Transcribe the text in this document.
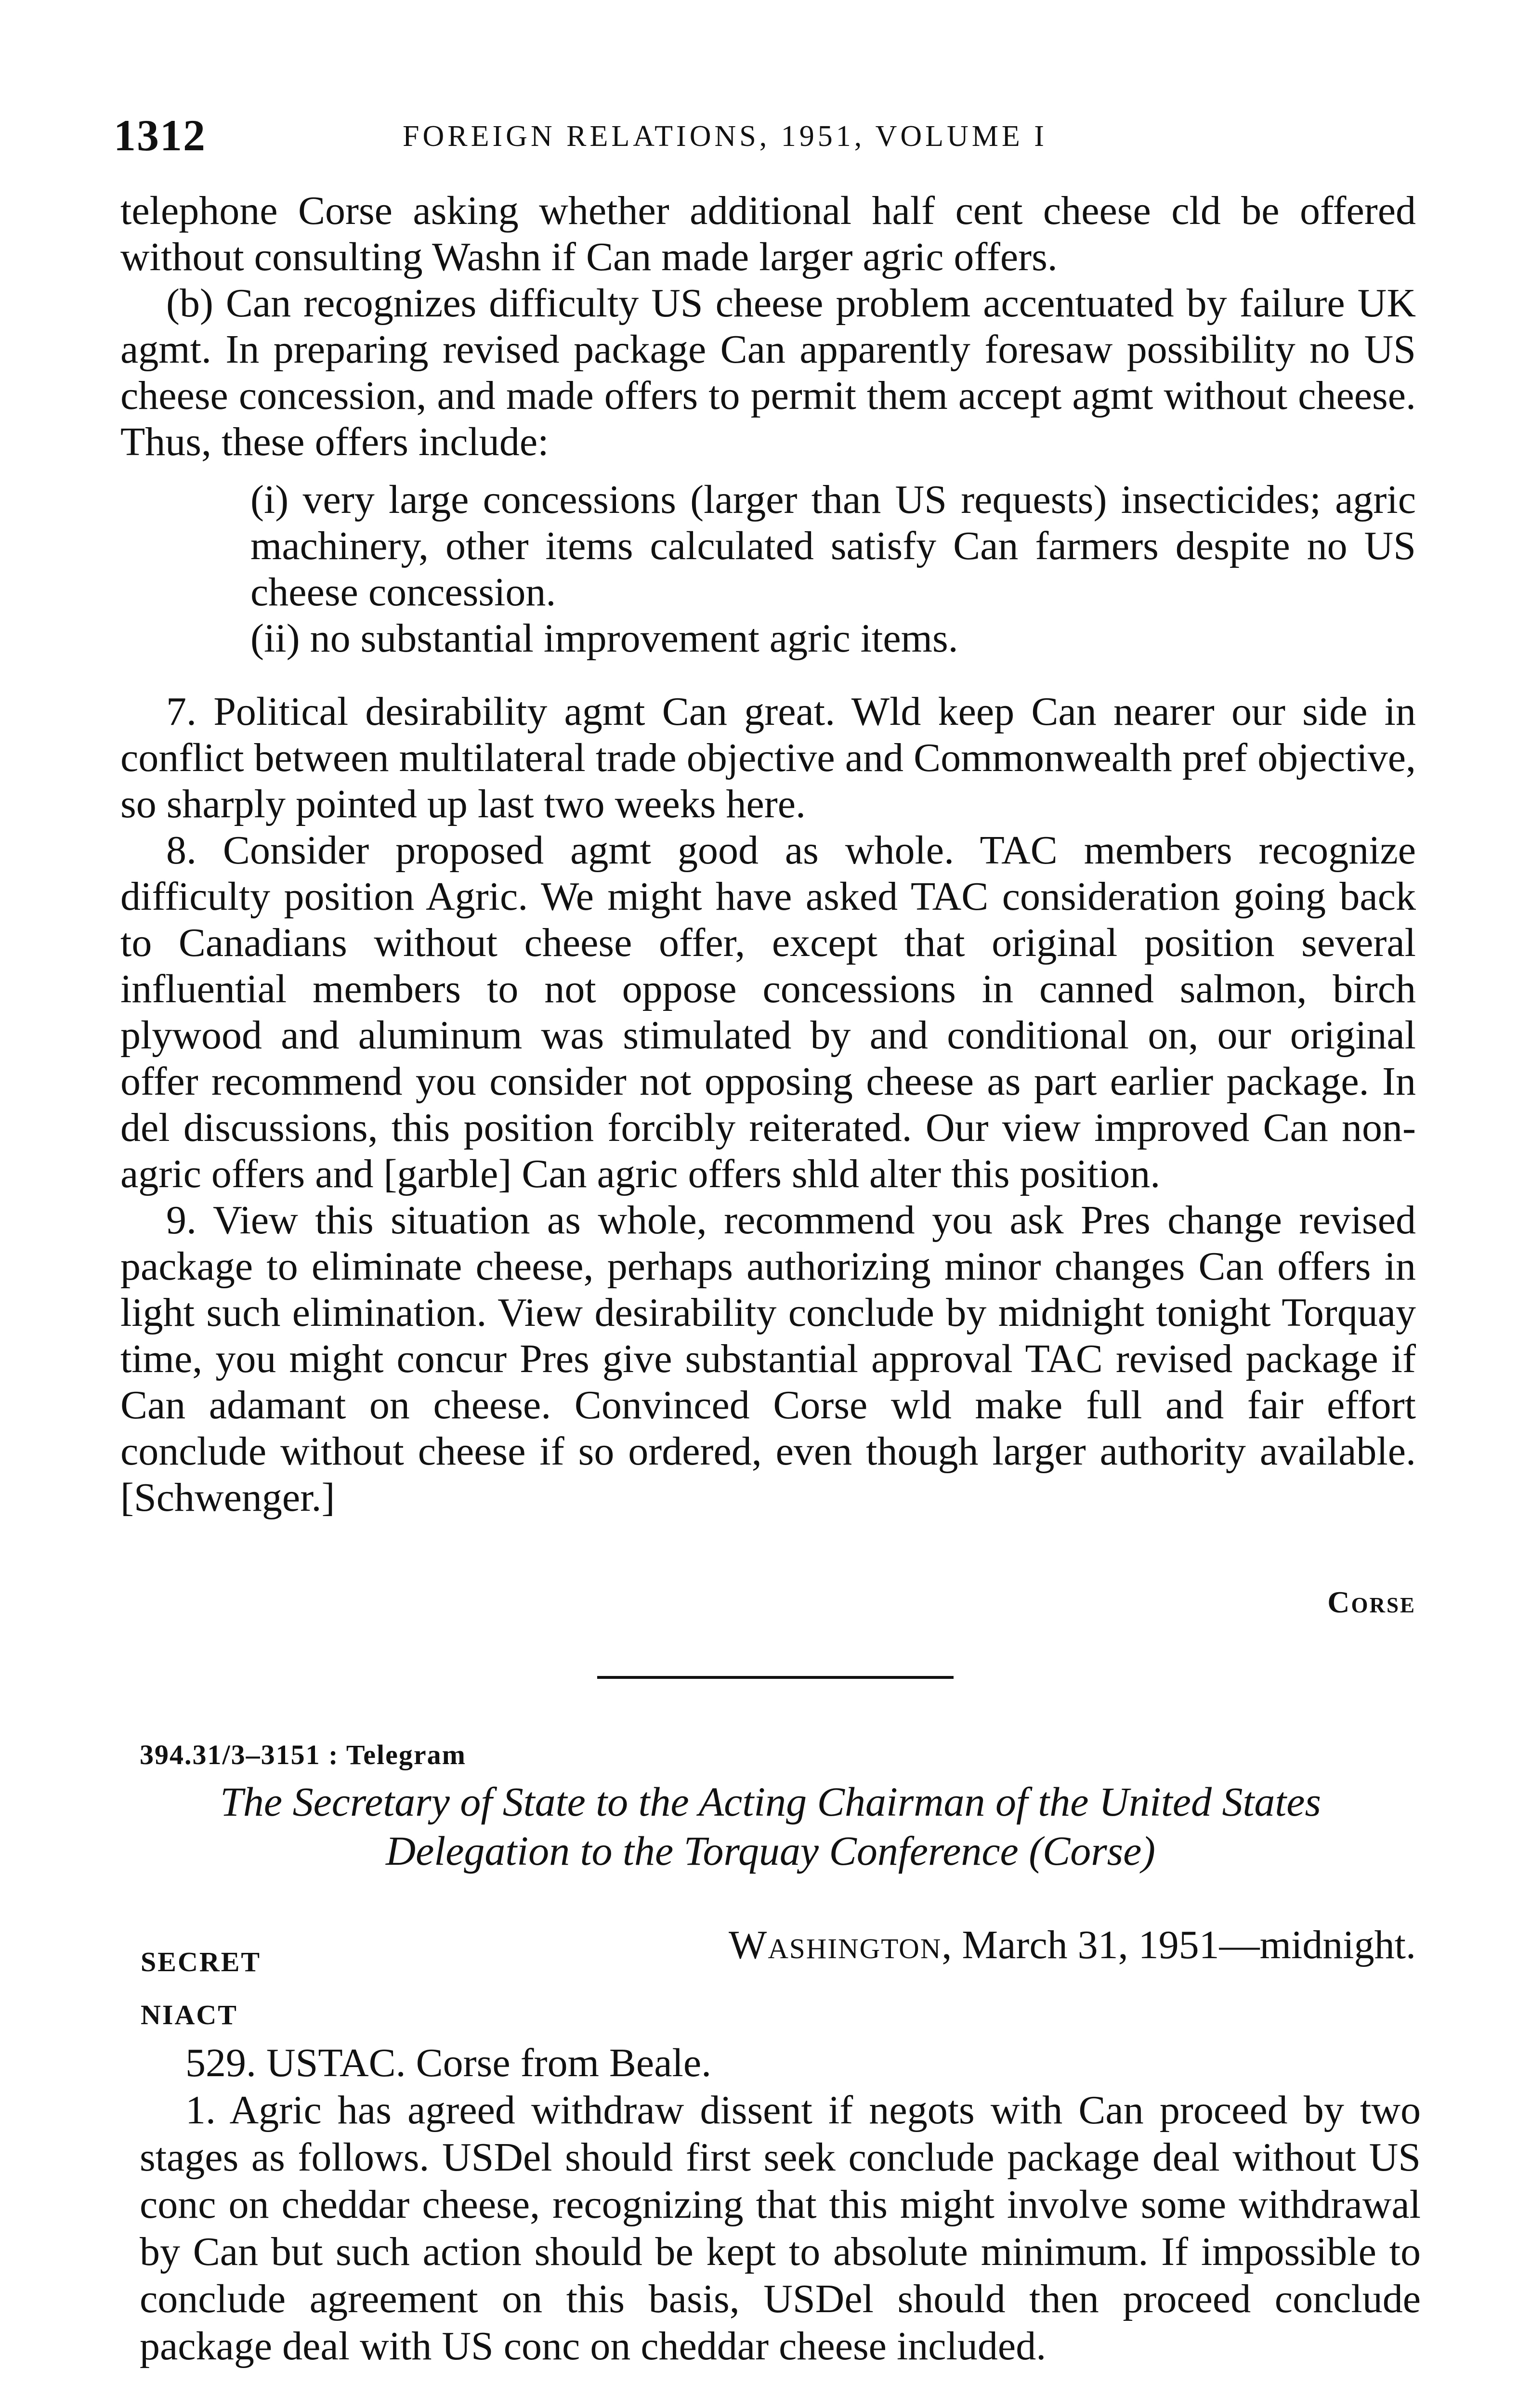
1312	FOREIGN RELATIONS, 1951, VOLUME I

telephone Corse asking whether additional half cent cheese cld be offered without consulting Washn if Can made larger agric offers.

(b) Can recognizes difficulty US cheese problem accentuated by failure UK agmt. In preparing revised package Can apparently foresaw possibility no US cheese concession, and made offers to permit them accept agmt without cheese. Thus, these offers include:

(i) very large concessions (larger than US requests) insecticides; agric machinery, other items calculated satisfy Can farmers despite no US cheese concession.

(ii) no substantial improvement agric items.

7. Political desirability agmt Can great. Wld keep Can nearer our side in conflict between multilateral trade objective and Commonwealth pref objective, so sharply pointed up last two weeks here.

8. Consider proposed agmt good as whole. TAC members recognize difficulty position Agric. We might have asked TAC consideration going back to Canadians without cheese offer, except that original position several influential members to not oppose concessions in canned salmon, birch plywood and aluminum was stimulated by and conditional on, our original offer recommend you consider not opposing cheese as part earlier package. In del discussions, this position forcibly reiterated. Our view improved Can non-agric offers and [garble] Can agric offers shld alter this position.

9. View this situation as whole, recommend you ask Pres change revised package to eliminate cheese, perhaps authorizing minor changes Can offers in light such elimination. View desirability conclude by midnight tonight Torquay time, you might concur Pres give substantial approval TAC revised package if Can adamant on cheese. Convinced Corse wld make full and fair effort conclude without cheese if so ordered, even though larger authority available. [Schwenger.]

Corse
394.31/3–3151 : Telegram
The Secretary of State to the Acting Chairman of the United States Delegation to the Torquay Conference (Corse)
Washington, March 31, 1951—midnight.
SECRET
NIACT

529. USTAC. Corse from Beale.

1. Agric has agreed withdraw dissent if negots with Can proceed by two stages as follows. USDel should first seek conclude package deal without US conc on cheddar cheese, recognizing that this might involve some withdrawal by Can but such action should be kept to absolute minimum. If impossible to conclude agreement on this basis, USDel should then proceed conclude package deal with US conc on cheddar cheese included.
